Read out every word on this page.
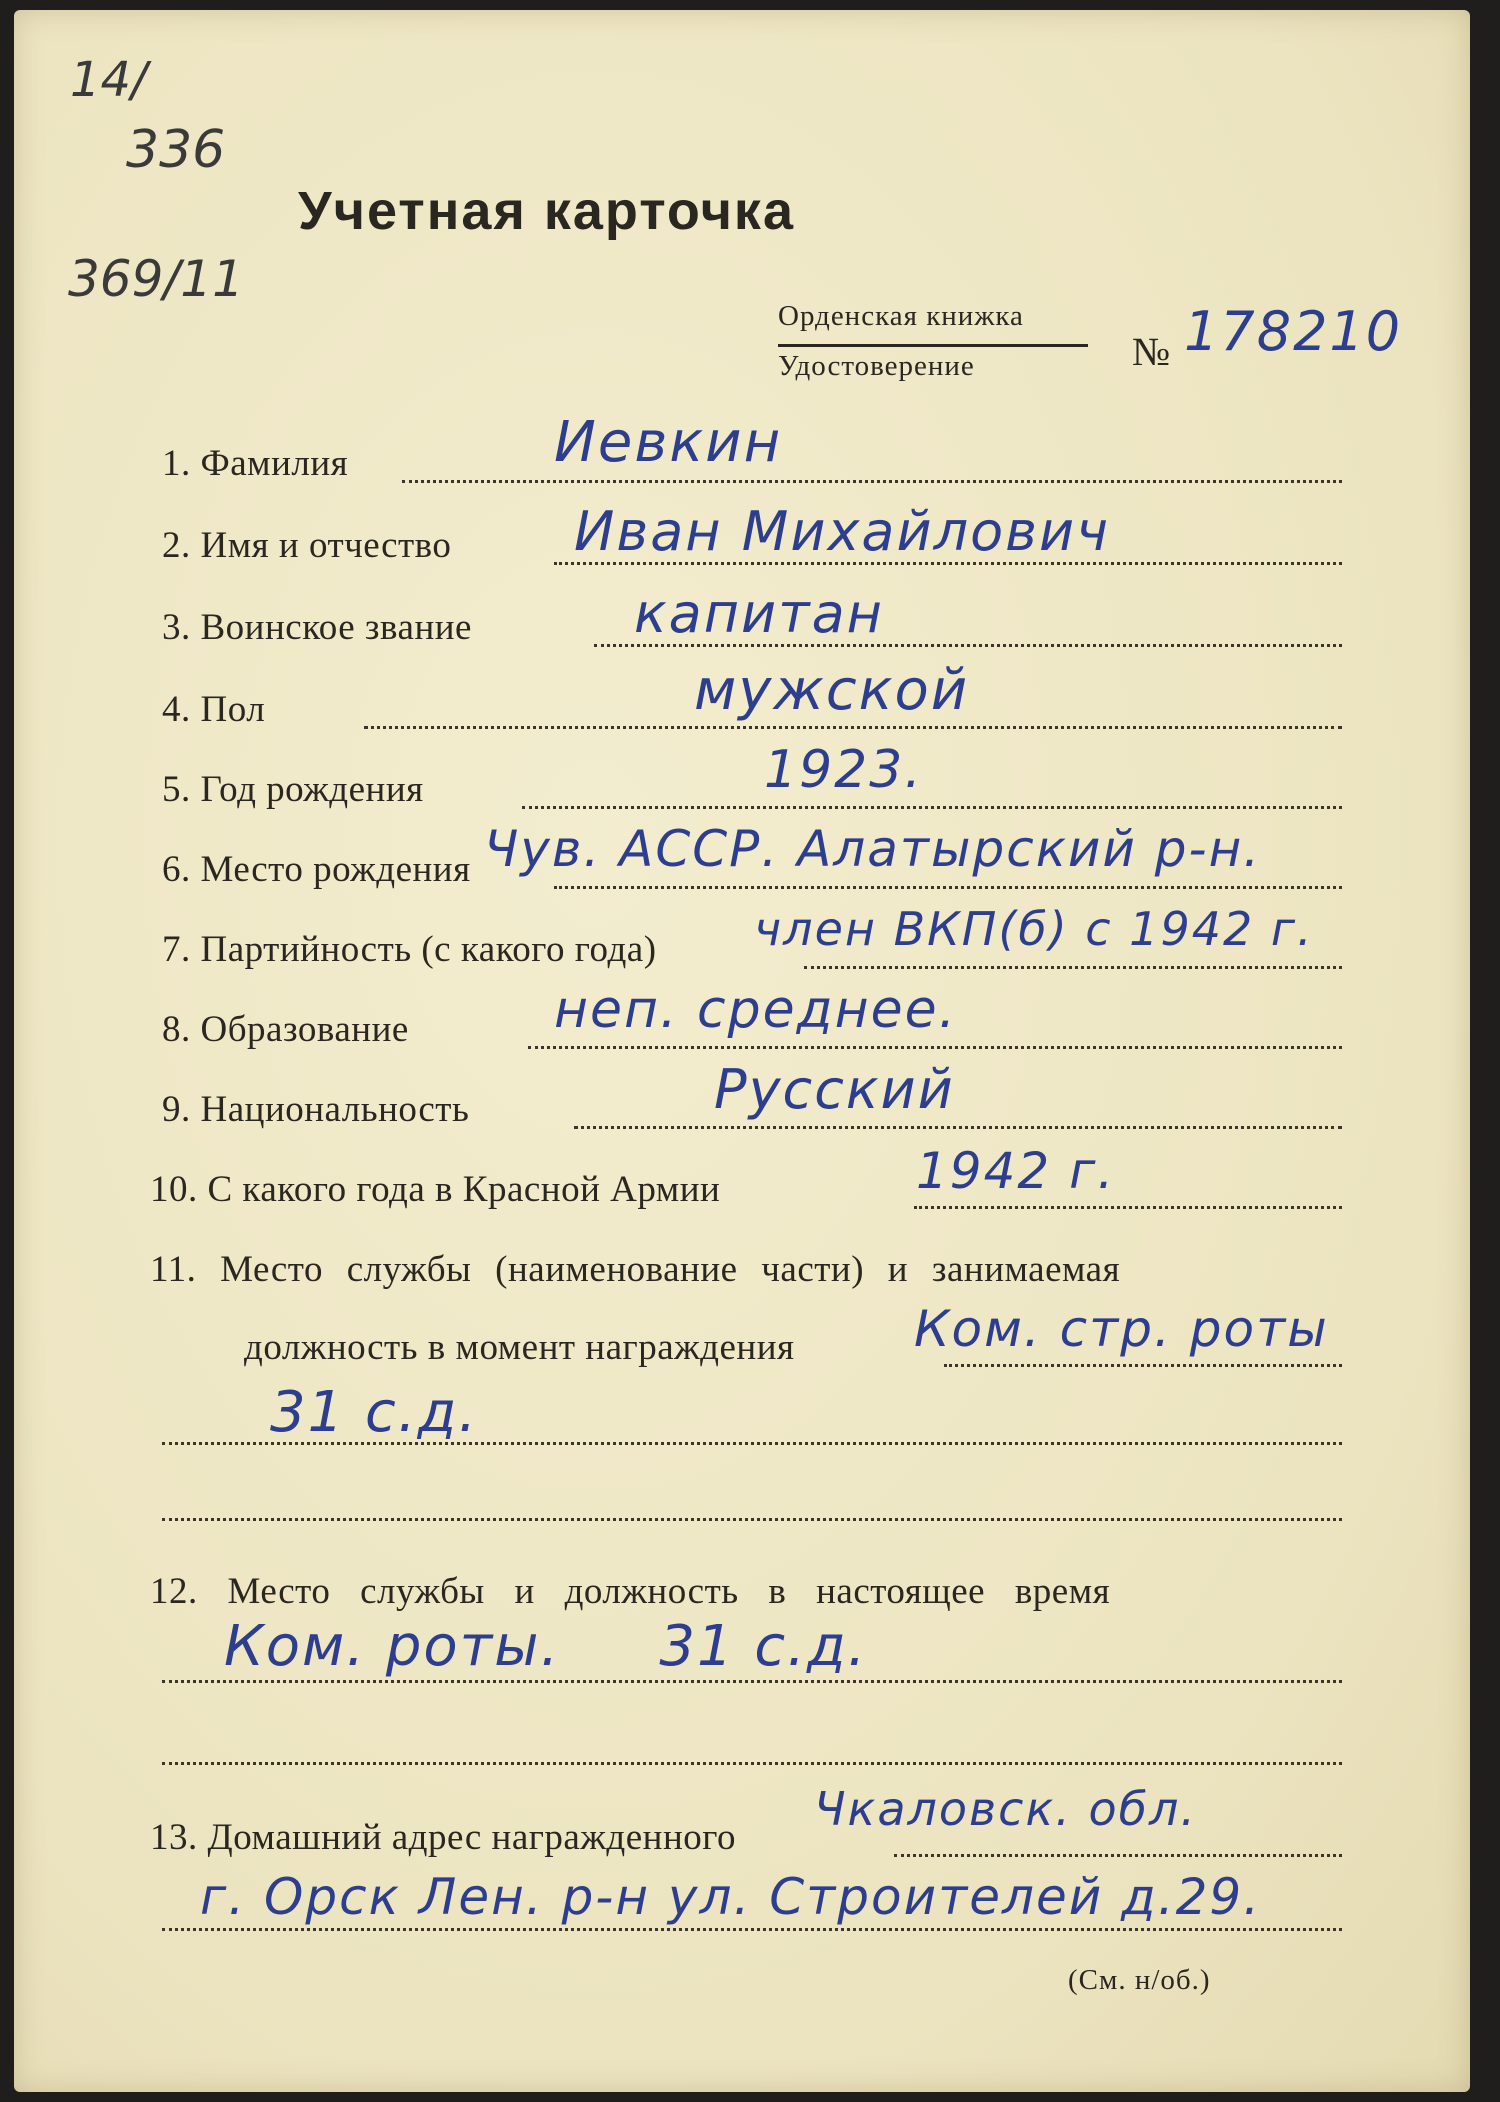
14/
336
369/11
Учетная карточка
Орденская книжка
Удостоверение	№ 178210
1. Фамилия	Иевкин
2. Имя и отчество Иван Михайлович
3. Воинское звание	капитан
4. Пол	мужской
5. Год рождения	1923.
6. Место рождения Чув. АССР. Алатырский р-н.
7. Партийность (с какого года) член ВКП(б) с 1942 г.
8. Образование	неп. среднее.
9. Национальность	Русский
10. С какого года в Красной Армии	1942 г.
11. Место службы (наименование части) и занимаемая
должность в момент награждения Ком. стр. роты
31 с.д.
12. Место службы и должность в настоящее время
Ком. роты.     31 с.д.
13. Домашний адрес награжденного
Чкаловск. обл.
г. Орск Лен. р-н ул. Строителей д.29.
(См. н/об.)
